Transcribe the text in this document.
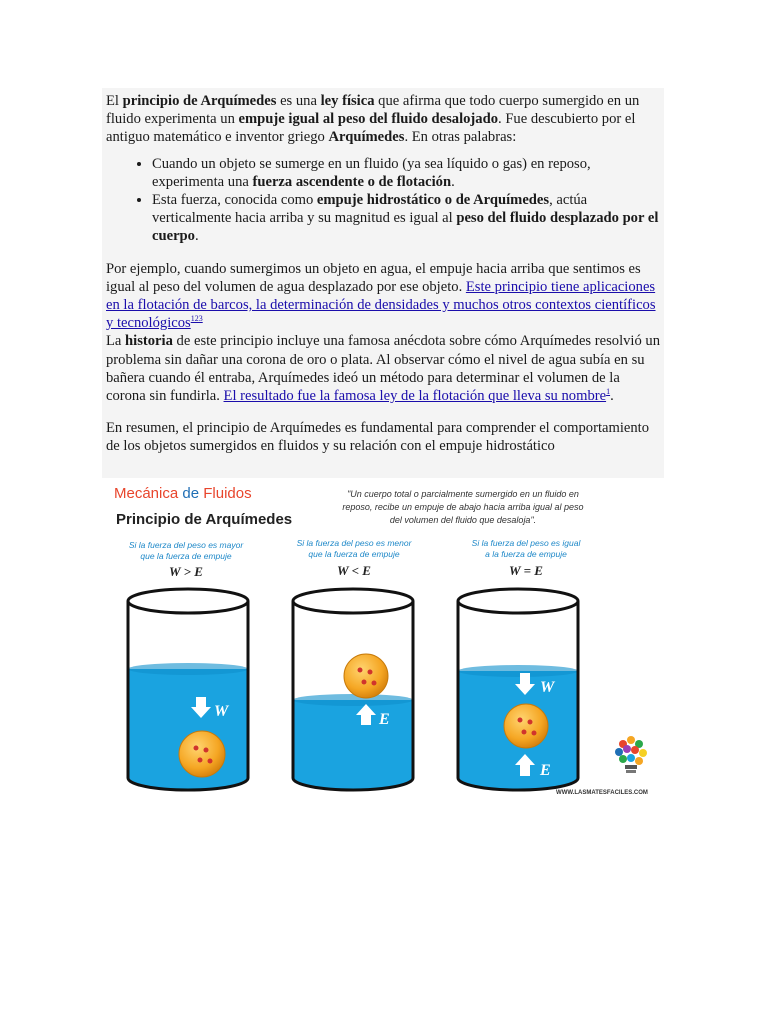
El principio de Arquímedes es una ley física que afirma que todo cuerpo sumergido en un fluido experimenta un empuje igual al peso del fluido desalojado. Fue descubierto por el antiguo matemático e inventor griego Arquímedes. En otras palabras:

• Cuando un objeto se sumerge en un fluido (ya sea líquido o gas) en reposo, experimenta una fuerza ascendente o de flotación.
• Esta fuerza, conocida como empuje hidrostático o de Arquímedes, actúa verticalmente hacia arriba y su magnitud es igual al peso del fluido desplazado por el cuerpo.

Por ejemplo, cuando sumergimos un objeto en agua, el empuje hacia arriba que sentimos es igual al peso del volumen de agua desplazado por ese objeto. Este principio tiene aplicaciones en la flotación de barcos, la determinación de densidades y muchos otros contextos científicos y tecnológicos$^{123}$

La historia de este principio incluye una famosa anécdota sobre cómo Arquímedes resolvió un problema sin dañar una corona de oro o plata. Al observar cómo el nivel de agua subía en su bañera cuando él entraba, Arquímedes ideó un método para determinar el volumen de la corona sin fundirla. El resultado fue la famosa ley de la flotación que lleva su nombre$^1$.

En resumen, el principio de Arquímedes es fundamental para comprender el comportamiento de los objetos sumergidos en fluidos y su relación con el empuje hidrostático

Mecánica de Fluidos
Principio de Arquímedes
"Un cuerpo total o parcialmente sumergido en un fluido en
reposo, recibe un empuje de abajo hacia arriba igual al peso
del volumen del fluido que desaloja".
Si la fuerza del peso es mayor
que la fuerza de empuje
W > E
Si la fuerza del peso es menor
que la fuerza de empuje
W < E
Si la fuerza del peso es igual
a la fuerza de empuje
W = E
W	E
W
E
WWW.LASMATESFACILES.COM
